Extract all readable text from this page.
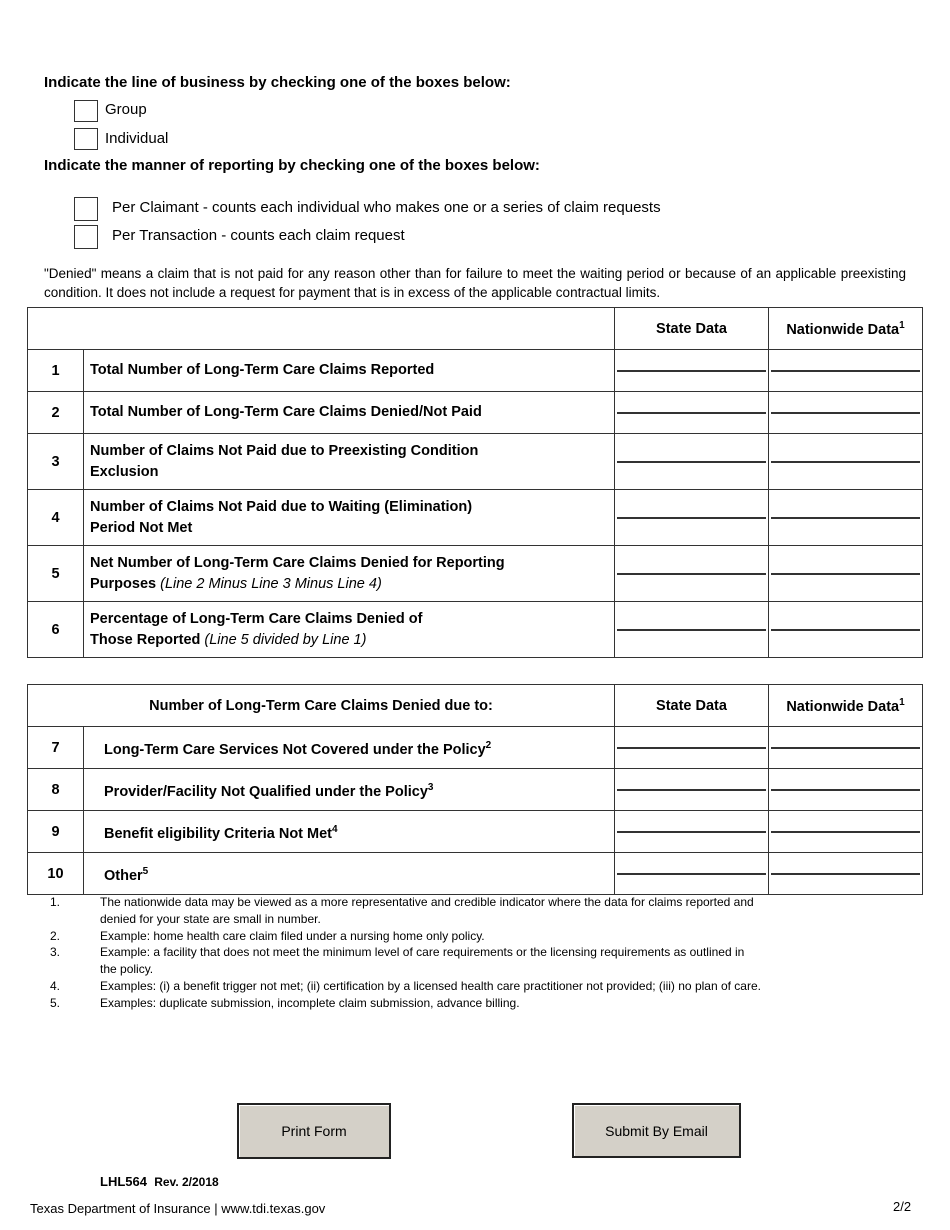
Indicate the line of business by checking one of the boxes below:
Group
Individual
Indicate the manner of reporting by checking one of the boxes below:
Per Claimant - counts each individual who makes one or a series of claim requests
Per Transaction - counts each claim request
"Denied" means a claim that is not paid for any reason other than for failure to meet the waiting period or because of an applicable preexisting condition. It does not include a request for payment that is in excess of the applicable contractual limits.
		State Data	Nationwide Data$^1$
1	Total Number of Long-Term Care Claims Reported	

2	Total Number of Long-Term Care Claims Denied/Not Paid	

3	Number of Claims Not Paid due to Preexisting Condition
Exclusion		

4	Number of Claims Not Paid due to Waiting (Elimination)
Period Not Met		

5	Net Number of Long-Term Care Claims Denied for Reporting
Purposes (Line 2 Minus Line 3 Minus Line 4)		

6	Percentage of Long-Term Care Claims Denied of
Those Reported (Line 5 divided by Line 1)		

Number of Long-Term Care Claims Denied due to:		State Data	Nationwide Data$^1$
7	Long-Term Care Services Not Covered under the Policy$^2$	

8	Provider/Facility Not Qualified under the Policy$^3$	

9	Benefit eligibility Criteria Not Met$^4$	

10	Other$^5$	

1.	The nationwide data may be viewed as a more representative and credible indicator where the data for claims reported and denied for your state are small in number.
2.	Example: home health care claim filed under a nursing home only policy.
3.	Example: a facility that does not meet the minimum level of care requirements or the licensing requirements as outlined in the policy.
4.	Examples: (i) a benefit trigger not met; (ii) certification by a licensed health care practitioner not provided; (iii) no plan of care.
5.	Examples: duplicate submission, incomplete claim submission, advance billing.
Print Form	Submit By Email
LHL564 Rev. 2/2018
Texas Department of Insurance | www.tdi.texas.gov	2/2
